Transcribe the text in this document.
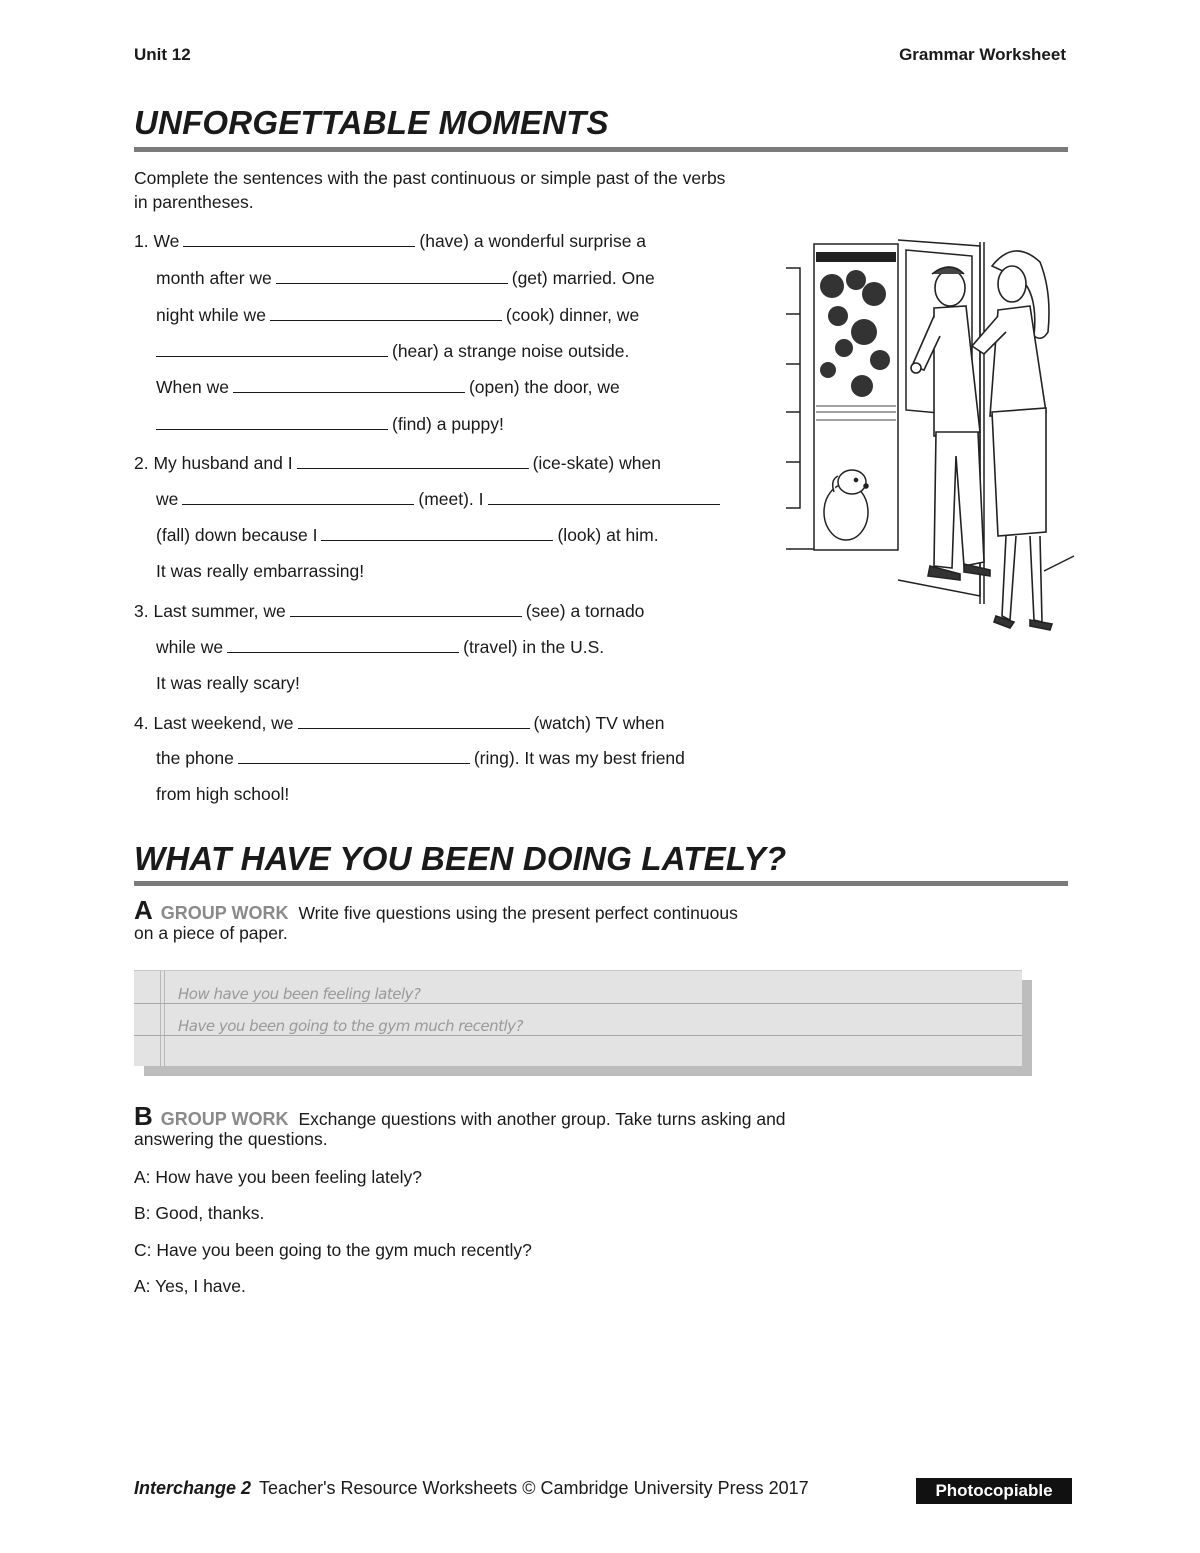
Unit 12	Grammar Worksheet
UNFORGETTABLE MOMENTS
Complete the sentences with the past continuous or simple past of the verbs
in parentheses.
1. We	(have) a wonderful surprise a
month after we	(get) married. One
night while we	(cook) dinner, we
(hear) a strange noise outside.
When we	(open) the door, we
(find) a puppy!
2. My husband and I	(ice-skate) when
we	(meet). I
(fall) down because I	(look) at him.
It was really embarrassing!
3. Last summer, we	(see) a tornado
while we	(travel) in the U.S.
It was really scary!
4. Last weekend, we	(watch) TV when
the phone	(ring). It was my best friend
from high school!
WHAT HAVE YOU BEEN DOING LATELY?
A GROUP WORK Write five questions using the present perfect continuous
on a piece of paper.
How have you been feeling lately?
Have you been going to the gym much recently?
B GROUP WORK Exchange questions with another group. Take turns asking and
answering the questions.
A: How have you been feeling lately?
B: Good, thanks.
C: Have you been going to the gym much recently?
A: Yes, I have.
Interchange 2 Teacher's Resource Worksheets © Cambridge University Press 2017	Photocopiable
